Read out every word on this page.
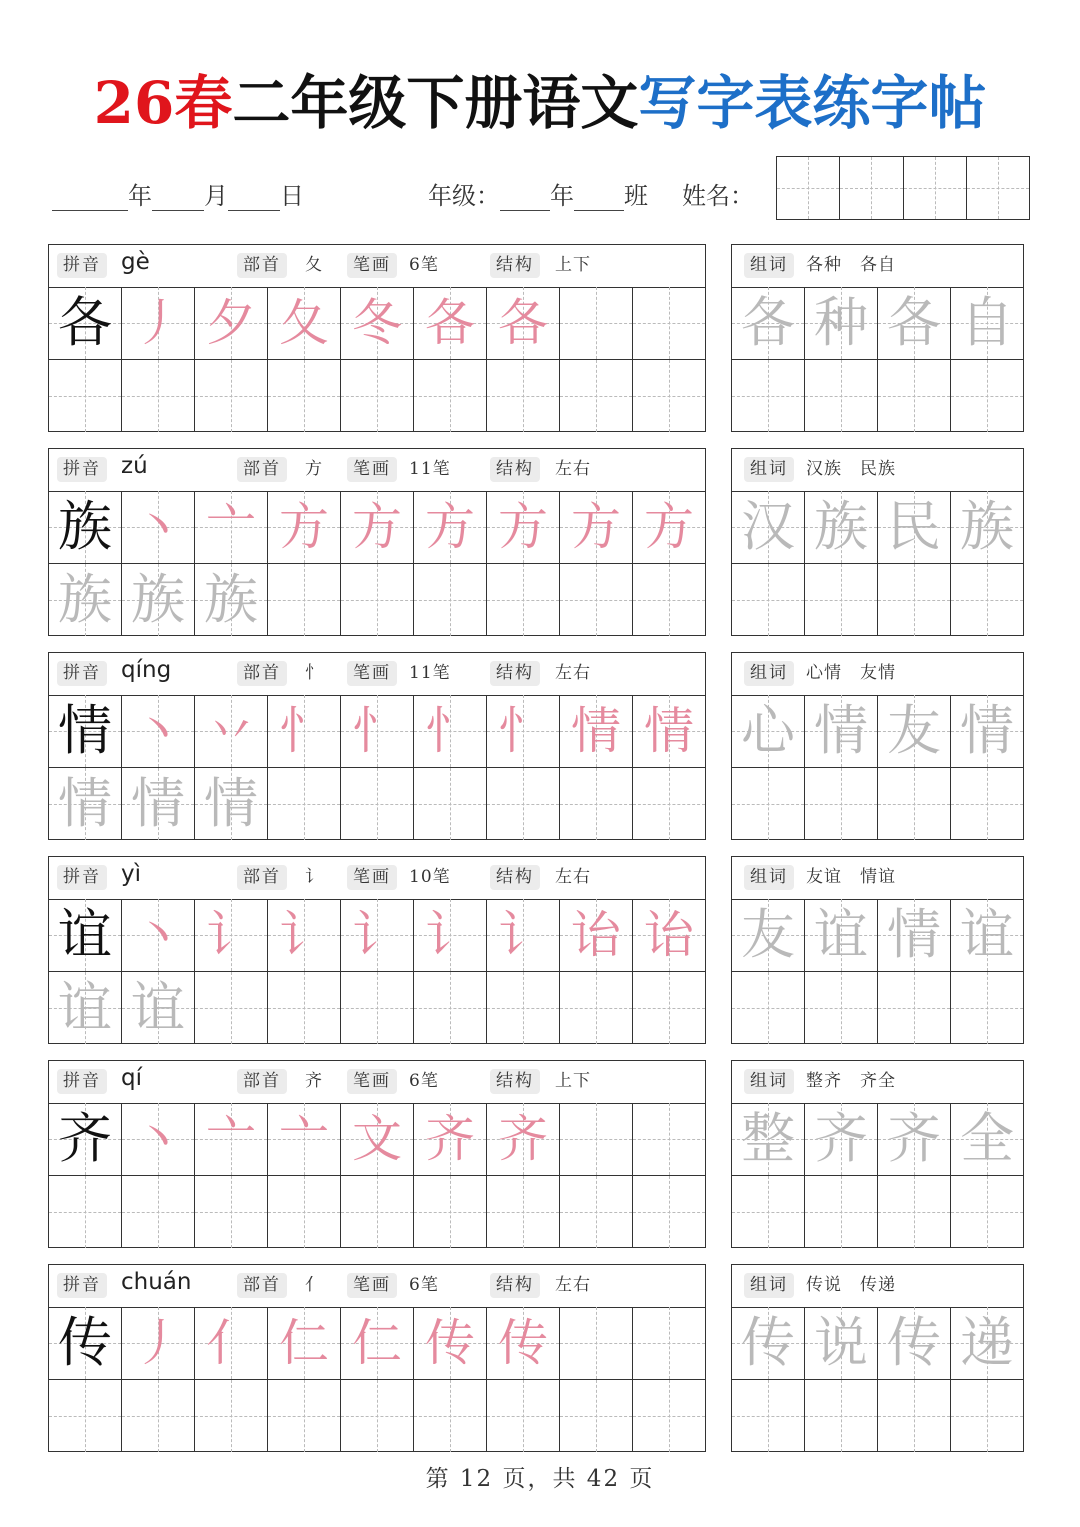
26春二年级下册语文写字表练字帖
年 月 日	年级： 年 班 姓名：
拼音 gè	部首	夂	笔画	6笔	结构	上下
各 丿 夕 夂 冬 各 各
组词	各种　各自
各 种 各 自
拼音 zú	部首	方	笔画	11笔	结构	左右
族 丶 亠 方 方 方 方 方 方
族 族 族
组词	汉族　民族
汉 族 民 族
拼音 qíng	部首	忄	笔画	11笔	结构	左右
情 丶 丷 忄 忄 忄 忄 情 情
情 情 情
组词	心情　友情
心 情 友 情
拼音 yì	部首	讠	笔画	10笔	结构	左右
谊 丶 讠 讠 讠 讠 讠 诒 诒
谊 谊
组词	友谊　情谊
友 谊 情 谊
拼音 qí	部首	齐	笔画	6笔	结构	上下
齐 丶 亠 亠 文 齐 齐
组词	整齐　齐全
整 齐 齐 全
拼音 chuán	部首	亻	笔画	6笔	结构	左右
传 丿 亻 仁 仁 传 传
组词	传说　传递
传 说 传 递
第 12 页，共 42 页
